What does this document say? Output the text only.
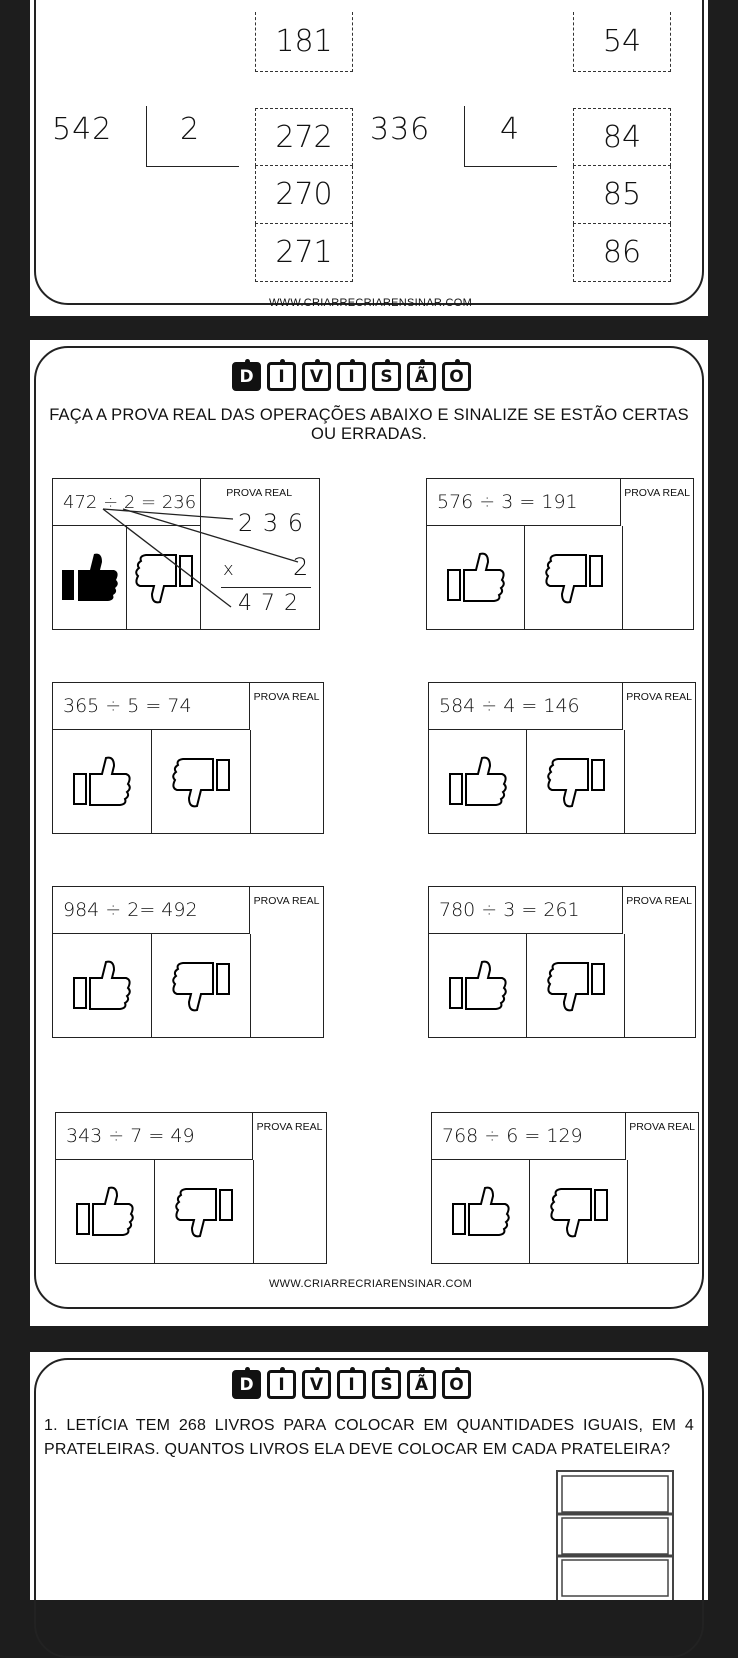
181	54
542 2	272
270
271
336 4	84
85
86
WWW.CRIARRECRIARENSINAR.COM
D	I	V	I	S	Ã	O
FAÇA A PROVA REAL DAS OPERAÇÕES ABAIXO E SINALIZE SE ESTÃO CERTAS OU ERRADAS.
472 ÷ 2 = 236	PROVA REAL
2 3 6
x 2
4 7 2
576 ÷ 3 = 191	PROVA REAL
365 ÷ 5 = 74	PROVA REAL	584 ÷ 4 = 146	PROVA REAL
984 ÷ 2= 492	PROVA REAL	780 ÷ 3 = 261	PROVA REAL
343 ÷ 7 = 49	PROVA REAL	768 ÷ 6 = 129	PROVA REAL
WWW.CRIARRECRIARENSINAR.COM
D	I	V	I	S	Ã	O
1. LETÍCIA TEM 268 LIVROS PARA COLOCAR EM QUANTIDADES IGUAIS, EM 4 PRATELEIRAS. QUANTOS LIVROS ELA DEVE COLOCAR EM CADA PRATELEIRA?
